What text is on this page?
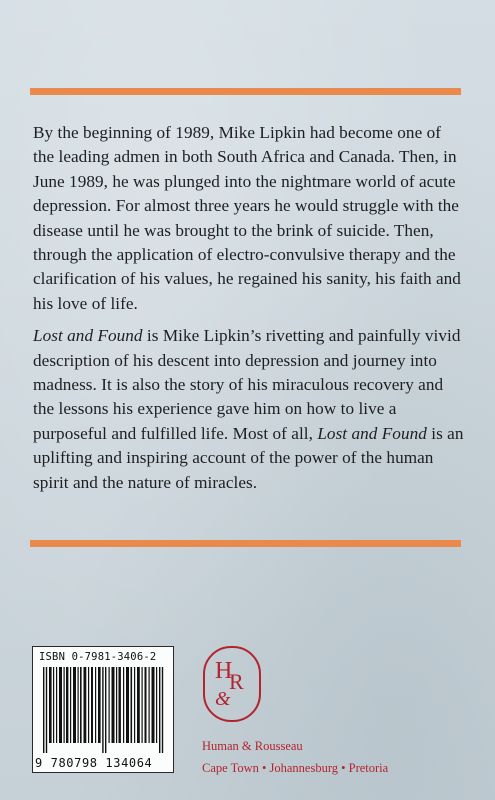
By the beginning of 1989, Mike Lipkin had become one of the leading admen in both South Africa and Canada. Then, in June 1989, he was plunged into the nightmare world of acute depression. For almost three years he would struggle with the disease until he was brought to the brink of suicide. Then, through the application of electro-convulsive therapy and the clarification of his values, he regained his sanity, his faith and his love of life.

Lost and Found is Mike Lipkin’s rivetting and painfully vivid description of his descent into depression and journey into madness. It is also the story of his miraculous recovery and the lessons his experience gave him on how to live a purposeful and fulfilled life. Most of all, Lost and Found is an uplifting and inspiring account of the power of the human spirit and the nature of miracles.

ISBN 0-7981-3406-2
9 780798 134064
H
R
&
Human & Rousseau
Cape Town • Johannesburg • Pretoria
